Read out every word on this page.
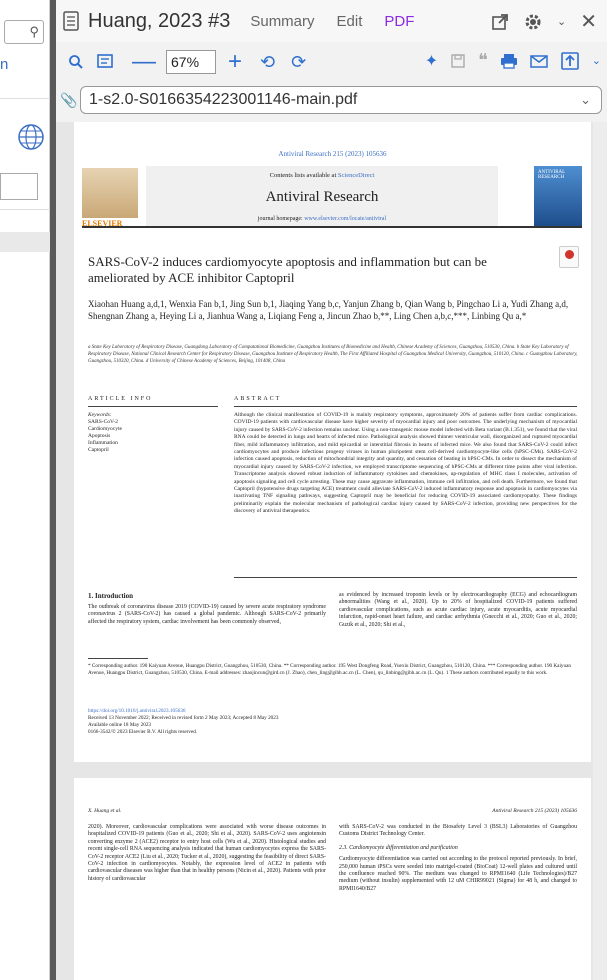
⚲
n
Huang, 2023 #3 Summary Edit PDF	⌄ ✕
—	67%	+ ⟲ ⟳	✦ ❝	⌄
📎 1-s2.0-S0166354223001146-main.pdf	⌄
Antiviral Research 215 (2023) 105636
ELSEVIER
Contents lists available at ScienceDirect
Antiviral Research
journal homepage: www.elsevier.com/locate/antiviral
ANTIVIRAL RESEARCH
SARS-CoV-2 induces cardiomyocyte apoptosis and inflammation but can be ameliorated by ACE inhibitor Captopril
Xiaohan Huang a,d,1, Wenxia Fan b,1, Jing Sun b,1, Jiaqing Yang b,c, Yanjun Zhang b, Qian Wang b, Pingchao Li a, Yudi Zhang a,d, Shengnan Zhang a, Heying Li a, Jianhua Wang a, Liqiang Feng a, Jincun Zhao b,**, Ling Chen a,b,c,***, Linbing Qu a,*
a State Key Laboratory of Respiratory Disease, Guangdong Laboratory of Computational Biomedicine, Guangzhou Institutes of Biomedicine and Health, Chinese Academy of Sciences, Guangzhou, 510530, China. b State Key Laboratory of Respiratory Disease, National Clinical Research Center for Respiratory Disease, Guangzhou Institute of Respiratory Health, The First Affiliated Hospital of Guangzhou Medical University, Guangzhou, 510120, China. c Guangzhou Laboratory, Guangzhou, 510320, China. d University of Chinese Academy of Sciences, Beijing, 101408, China
ARTICLE INFO	ABSTRACT
Keywords:
SARS-CoV-2
Cardiomyocyte
Apoptosis
Inflammation
Captopril
Although the clinical manifestation of COVID-19 is mainly respiratory symptoms, approximately 20% of patients suffer from cardiac complications. COVID-19 patients with cardiovascular disease have higher severity of myocardial injury and poor outcomes. The underlying mechanism of myocardial injury caused by SARS-CoV-2 infection remains unclear. Using a non-transgenic mouse model infected with Beta variant (B.1.351), we found that the viral RNA could be detected in lungs and hearts of infected mice. Pathological analysis showed thinner ventricular wall, disorganized and ruptured myocardial fiber, mild inflammatory infiltration, and mild epicardial or interstitial fibrosis in hearts of infected mice. We also found that SARS-CoV-2 could infect cardiomyocytes and produce infectious progeny viruses in human pluripotent stem cell-derived cardiomyocyte-like cells (hPSC-CMs). SARS-CoV-2 infection caused apoptosis, reduction of mitochondrial integrity and quantity, and cessation of beating in hPSC-CMs. In order to dissect the mechanism of myocardial injury caused by SARS-CoV-2 infection, we employed transcriptome sequencing of hPSC-CMs at different time points after viral infection. Transcriptome analysis showed robust induction of inflammatory cytokines and chemokines, up-regulation of MHC class I molecules, activation of apoptosis signaling and cell cycle arresting. These may cause aggravate inflammation, immune cell infiltration, and cell death. Furthermore, we found that Captopril (hypotensive drugs targeting ACE) treatment could alleviate SARS-CoV-2 induced inflammatory response and apoptosis in cardiomyocytes via inactivating TNF signaling pathways, suggesting Captopril may be beneficial for reducing COVID-19 associated cardiomyopathy. These findings preliminarily explain the molecular mechanism of pathological cardiac injury caused by SARS-CoV-2 infection, providing new perspectives for the discovery of antiviral therapeutics.
1. Introduction
The outbreak of coronavirus disease 2019 (COVID-19) caused by severe acute respiratory syndrome coronavirus 2 (SARS-CoV-2) has caused a global pandemic. Although SARS-CoV-2 primarily affected the respiratory system, cardiac involvement has been commonly observed,
as evidenced by increased troponin levels or by electrocardiography (ECG) and echocardiogram abnormalities (Wang et al., 2020). Up to 20% of hospitalized COVID-19 patients suffered cardiovascular complications, such as acute cardiac injury, acute myocarditis, acute myocardial infarction, rapid-onset heart failure, and cardiac arrhythmia (Gnecchi et al., 2020; Guo et al., 2020; Guzik et al., 2020; Shi et al.,
* Corresponding author. 190 Kaiyuan Avenue, Huangpu District, Guangzhou, 510530, China. ** Corresponding author. 195 West Dongfeng Road, Yuexiu District, Guangzhou, 510120, China. *** Corresponding author. 190 Kaiyuan Avenue, Huangpu District, Guangzhou, 510530, China. E-mail addresses: zhaojincun@gird.cn (J. Zhao), chen_ling@gibh.ac.cn (L. Chen), qu_linbing@gibh.ac.cn (L. Qu). 1 These authors contributed equally to this work.
https://doi.org/10.1016/j.antiviral.2023.105636
Received 13 November 2022; Received in revised form 2 May 2023; Accepted 8 May 2023
Available online 18 May 2023
0166-3542/© 2023 Elsevier B.V. All rights reserved.
X. Huang et al.	Antiviral Research 215 (2023) 105636
2020). Moreover, cardiovascular complications were associated with worse disease outcomes in hospitalized COVID-19 patients (Guo et al., 2020; Shi et al., 2020). SARS-CoV-2 uses angiotensin converting enzyme 2 (ACE2) receptor to entry host cells (Wu et al., 2020). Histological studies and recent single-cell RNA sequencing analysis indicated that human cardiomyocytes express the SARS-CoV-2 receptor ACE2 (Liu et al., 2020; Tucker et al., 2020), suggesting the feasibility of direct SARS-CoV-2 infection in cardiomyocytes. Notably, the expression level of ACE2 in patients with cardiovascular diseases was higher than that in healthy persons (Nicin et al., 2020). Patients with prior history of cardiovascular
with SARS-CoV-2 was conducted in the Biosafety Level 3 (BSL3) Laboratories of Guangzhou Customs District Technology Center.
2.3. Cardiomyocyte differentiation and purification
Cardiomyocyte differentiation was carried out according to the protocol reported previously. In brief, 250,000 human iPSCs were seeded into matrigel-coated (BioCoat) 12-well plates and cultured until the confluence reached 90%. The medium was changed to RPMI1640 (Life Technologies)/B27 medium (without insulin) supplemented with 12 uM CHIR99021 (Sigma) for 48 h, and changed to RPMI1640/B27
